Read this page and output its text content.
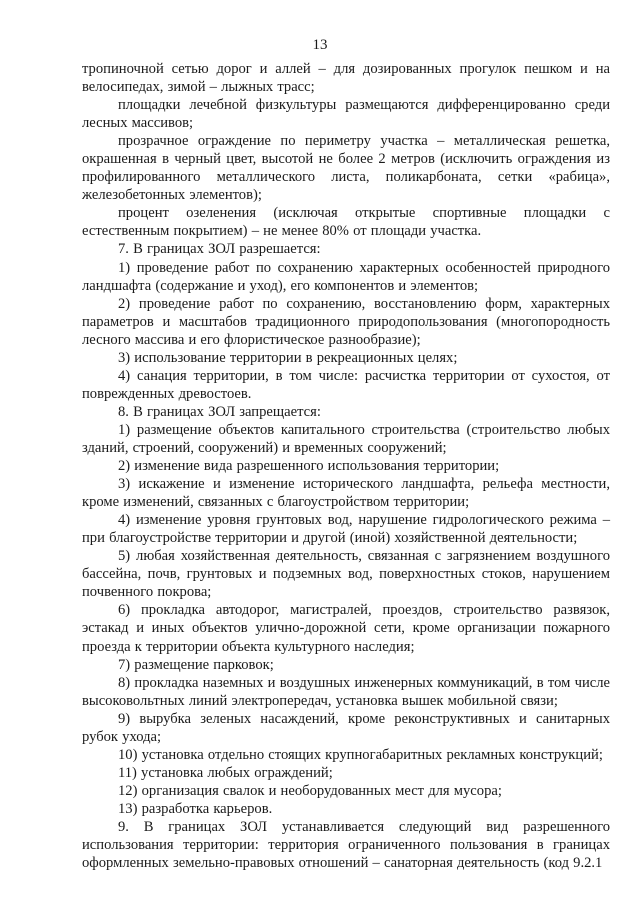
13

тропиночной сетью дорог и аллей – для дозированных прогулок пешком и на велосипедах, зимой – лыжных трасс;

площадки лечебной физкультуры размещаются дифференцированно среди лесных массивов;

прозрачное ограждение по периметру участка – металлическая решетка, окрашенная в черный цвет, высотой не более 2 метров (исключить ограждения из профилированного металлического листа, поликарбоната, сетки «рабица», железобетонных элементов);

процент озеленения (исключая открытые спортивные площадки с естественным покрытием) – не менее 80% от площади участка.

7. В границах ЗОЛ разрешается:

1) проведение работ по сохранению характерных особенностей природного ландшафта (содержание и уход), его компонентов и элементов;

2) проведение работ по сохранению, восстановлению форм, характерных параметров и масштабов традиционного природопользования (многопородность лесного массива и его флористическое разнообразие);

3) использование территории в рекреационных целях;

4) санация территории, в том числе: расчистка территории от сухостоя, от поврежденных древостоев.

8. В границах ЗОЛ запрещается:

1) размещение объектов капитального строительства (строительство любых зданий, строений, сооружений) и временных сооружений;

2) изменение вида разрешенного использования территории;

3) искажение и изменение исторического ландшафта, рельефа местности, кроме изменений, связанных с благоустройством территории;

4) изменение уровня грунтовых вод, нарушение гидрологического режима – при благоустройстве территории и другой (иной) хозяйственной деятельности;

5) любая хозяйственная деятельность, связанная с загрязнением воздушного бассейна, почв, грунтовых и подземных вод, поверхностных стоков, нарушением почвенного покрова;

6) прокладка автодорог, магистралей, проездов, строительство развязок, эстакад и иных объектов улично-дорожной сети, кроме организации пожарного проезда к территории объекта культурного наследия;

7) размещение парковок;

8) прокладка наземных и воздушных инженерных коммуникаций, в том числе высоковольтных линий электропередач, установка вышек мобильной связи;

9) вырубка зеленых насаждений, кроме реконструктивных и санитарных рубок ухода;

10) установка отдельно стоящих крупногабаритных рекламных конструкций;

11) установка любых ограждений;

12) организация свалок и необорудованных мест для мусора;

13) разработка карьеров.

9. В границах ЗОЛ устанавливается следующий вид разрешенного использования территории: территория ограниченного пользования в границах оформленных земельно-правовых отношений – санаторная деятельность (код 9.2.1
